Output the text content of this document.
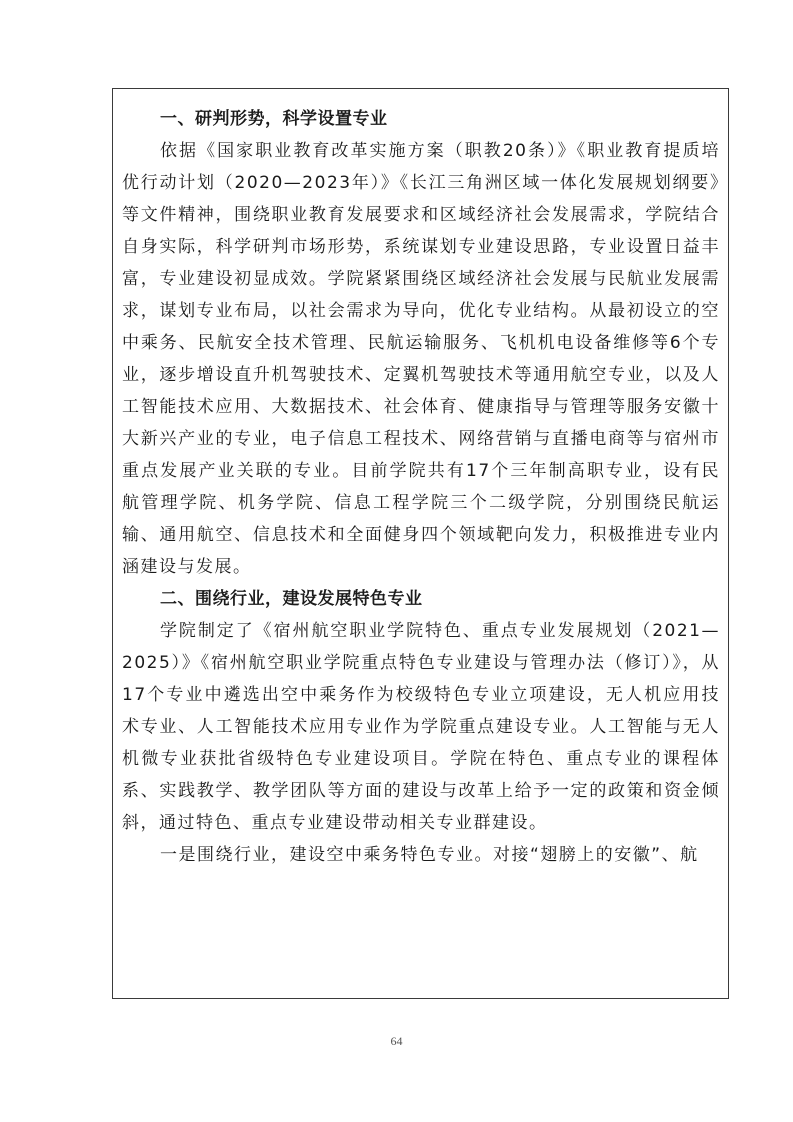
一、研判形势，科学设置专业

依据《国家职业教育改革实施方案（职教20条）》《职业教育提质培优行动计划（2020—2023年）》《长江三角洲区域一体化发展规划纲要》等文件精神，围绕职业教育发展要求和区域经济社会发展需求，学院结合自身实际，科学研判市场形势，系统谋划专业建设思路，专业设置日益丰富，专业建设初显成效。学院紧紧围绕区域经济社会发展与民航业发展需求，谋划专业布局，以社会需求为导向，优化专业结构。从最初设立的空中乘务、民航安全技术管理、民航运输服务、飞机机电设备维修等6个专业，逐步增设直升机驾驶技术、定翼机驾驶技术等通用航空专业，以及人工智能技术应用、大数据技术、社会体育、健康指导与管理等服务安徽十大新兴产业的专业，电子信息工程技术、网络营销与直播电商等与宿州市重点发展产业关联的专业。目前学院共有17个三年制高职专业，设有民航管理学院、机务学院、信息工程学院三个二级学院，分别围绕民航运输、通用航空、信息技术和全面健身四个领域靶向发力，积极推进专业内涵建设与发展。

二、围绕行业，建设发展特色专业

学院制定了《宿州航空职业学院特色、重点专业发展规划（2021—2025）》《宿州航空职业学院重点特色专业建设与管理办法（修订）》，从17个专业中遴选出空中乘务作为校级特色专业立项建设，无人机应用技术专业、人工智能技术应用专业作为学院重点建设专业。人工智能与无人机微专业获批省级特色专业建设项目。学院在特色、重点专业的课程体系、实践教学、教学团队等方面的建设与改革上给予一定的政策和资金倾斜，通过特色、重点专业建设带动相关专业群建设。

一是围绕行业，建设空中乘务特色专业。对接“翅膀上的安徽”、航

64
